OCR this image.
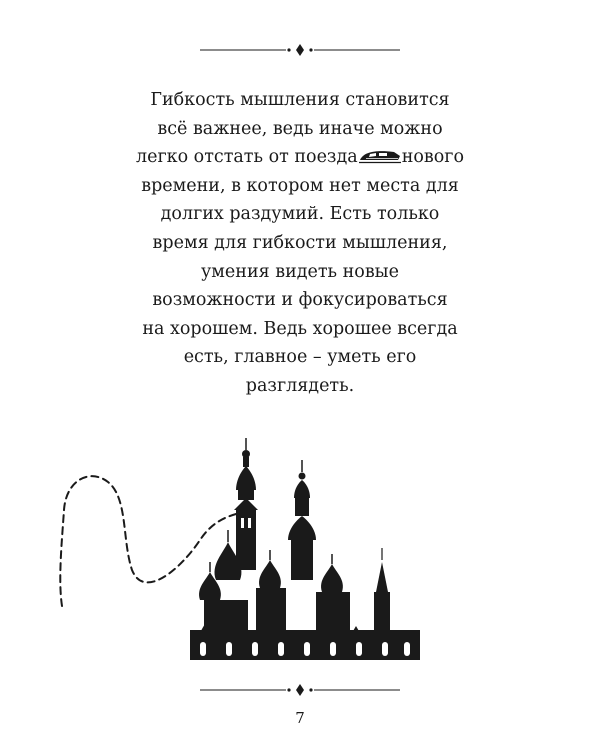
Гибкость мышления становится
всё важнее, ведь иначе можно
легко отстать от поезда	нового
времени, в котором нет места для
долгих раздумий. Есть только
время для гибкости мышления,
умения видеть новые
возможности и фокусироваться
на хорошем. Ведь хорошее всегда
есть, главное – уметь его
разглядеть.

7
